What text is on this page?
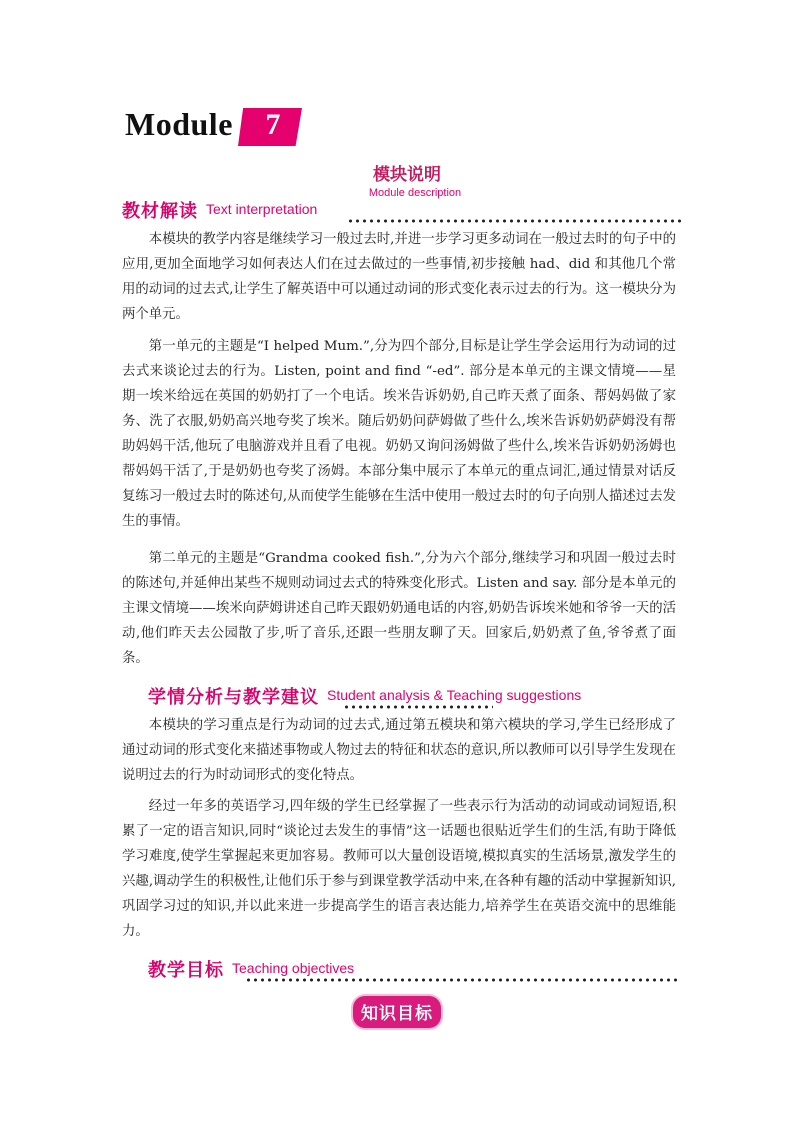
Module 7
模块说明
Module description
教材解读 Text interpretation

本模块的教学内容是继续学习一般过去时,并进一步学习更多动词在一般过去时的句子中的应用,更加全面地学习如何表达人们在过去做过的一些事情,初步接触 had、did 和其他几个常用的动词的过去式,让学生了解英语中可以通过动词的形式变化表示过去的行为。这一模块分为两个单元。

第一单元的主题是“I helped Mum.”,分为四个部分,目标是让学生学会运用行为动词的过去式来谈论过去的行为。Listen, point and find “-ed”. 部分是本单元的主课文情境——星期一埃米给远在英国的奶奶打了一个电话。埃米告诉奶奶,自己昨天煮了面条、帮妈妈做了家务、洗了衣服,奶奶高兴地夸奖了埃米。随后奶奶问萨姆做了些什么,埃米告诉奶奶萨姆没有帮助妈妈干活,他玩了电脑游戏并且看了电视。奶奶又询问汤姆做了些什么,埃米告诉奶奶汤姆也帮妈妈干活了,于是奶奶也夸奖了汤姆。本部分集中展示了本单元的重点词汇,通过情景对话反复练习一般过去时的陈述句,从而使学生能够在生活中使用一般过去时的句子向别人描述过去发生的事情。

第二单元的主题是“Grandma cooked fish.”,分为六个部分,继续学习和巩固一般过去时的陈述句,并延伸出某些不规则动词过去式的特殊变化形式。Listen and say. 部分是本单元的主课文情境——埃米向萨姆讲述自己昨天跟奶奶通电话的内容,奶奶告诉埃米她和爷爷一天的活动,他们昨天去公园散了步,听了音乐,还跟一些朋友聊了天。回家后,奶奶煮了鱼,爷爷煮了面条。

学情分析与教学建议 Student analysis & Teaching suggestions

本模块的学习重点是行为动词的过去式,通过第五模块和第六模块的学习,学生已经形成了通过动词的形式变化来描述事物或人物过去的特征和状态的意识,所以教师可以引导学生发现在说明过去的行为时动词形式的变化特点。

经过一年多的英语学习,四年级的学生已经掌握了一些表示行为活动的动词或动词短语,积累了一定的语言知识,同时“谈论过去发生的事情”这一话题也很贴近学生们的生活,有助于降低学习难度,使学生掌握起来更加容易。教师可以大量创设语境,模拟真实的生活场景,激发学生的兴趣,调动学生的积极性,让他们乐于参与到课堂教学活动中来,在各种有趣的活动中掌握新知识,巩固学习过的知识,并以此来进一步提高学生的语言表达能力,培养学生在英语交流中的思维能力。

教学目标 Teaching objectives
知识目标
